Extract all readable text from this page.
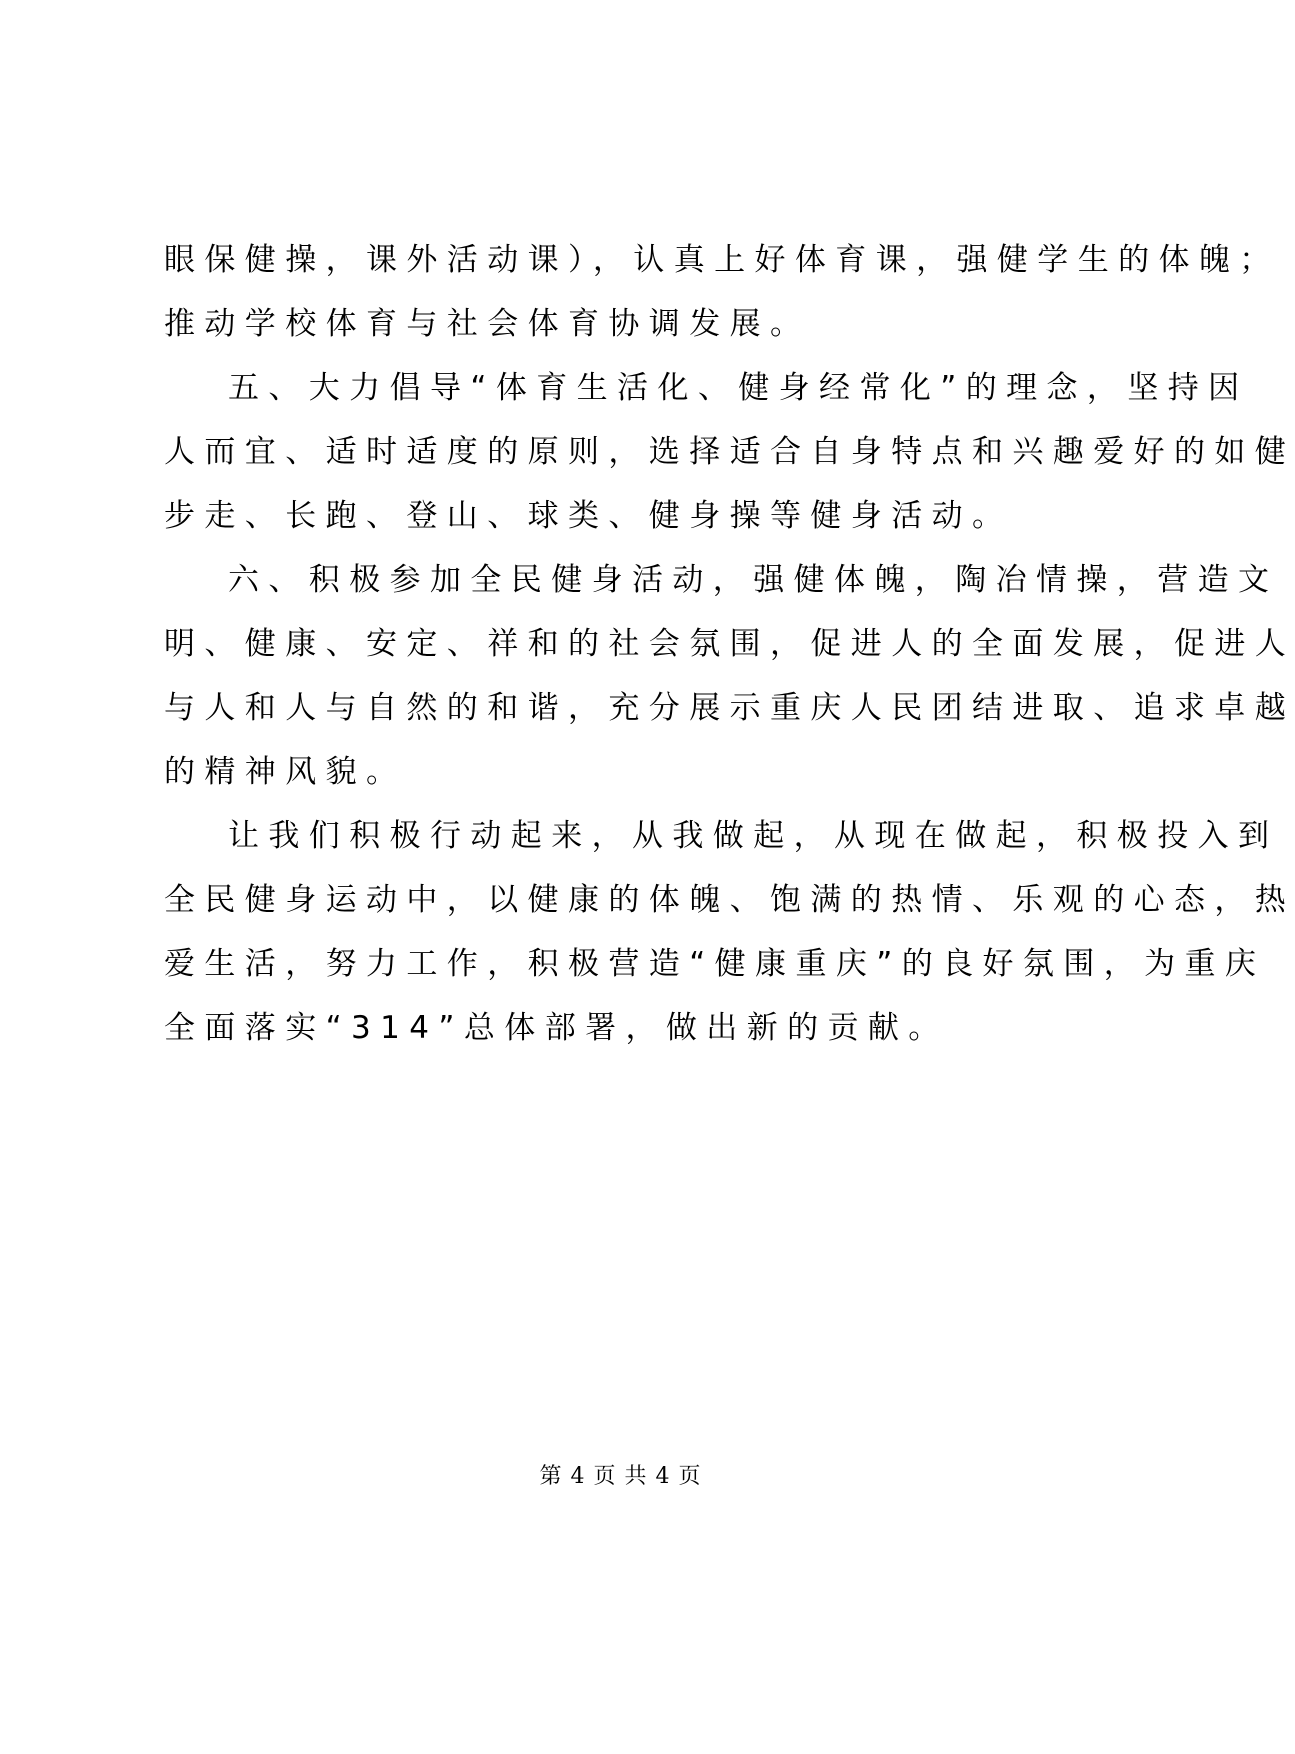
眼保健操，课外活动课），认真上好体育课，强健学生的体魄；
推动学校体育与社会体育协调发展。
五、大力倡导“体育生活化、健身经常化”的理念，坚持因
人而宜、适时适度的原则，选择适合自身特点和兴趣爱好的如健
步走、长跑、登山、球类、健身操等健身活动。
六、积极参加全民健身活动，强健体魄，陶冶情操，营造文
明、健康、安定、祥和的社会氛围，促进人的全面发展，促进人
与人和人与自然的和谐，充分展示重庆人民团结进取、追求卓越
的精神风貌。
让我们积极行动起来，从我做起，从现在做起，积极投入到
全民健身运动中，以健康的体魄、饱满的热情、乐观的心态，热
爱生活，努力工作，积极营造“健康重庆”的良好氛围，为重庆
全面落实“314”总体部署，做出新的贡献。
第 4 页 共 4 页
